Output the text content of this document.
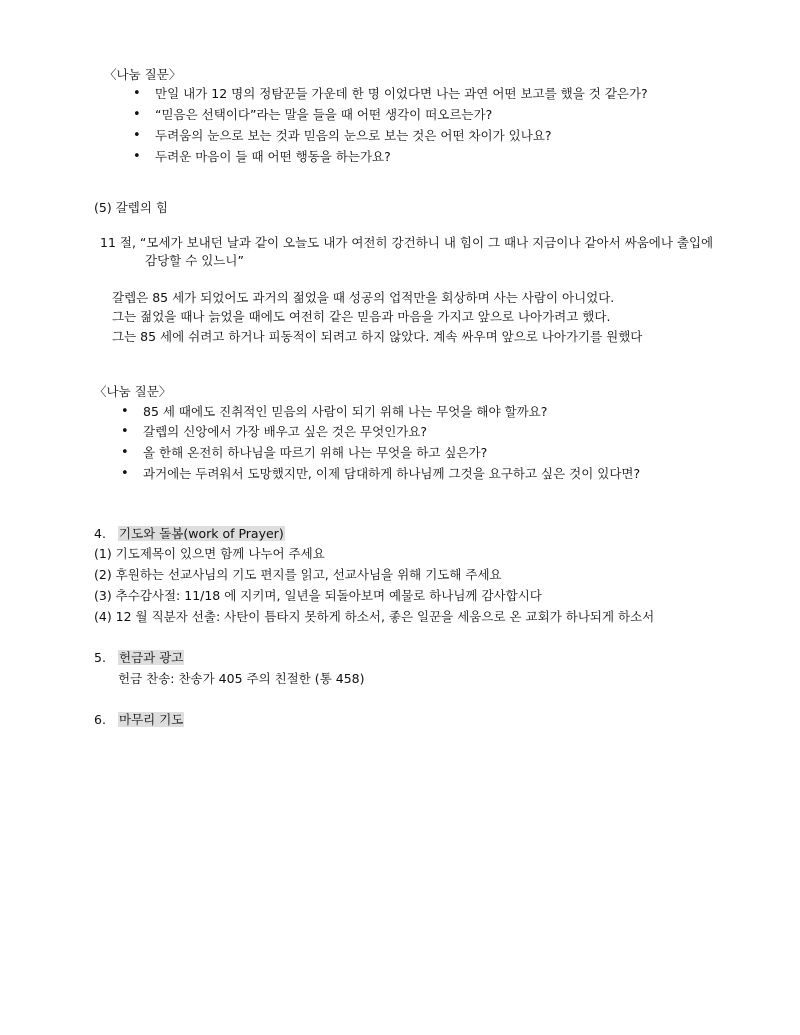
〈나눔 질문〉
• 만일 내가 12 명의 정탐꾼들 가운데 한 명 이었다면 나는 과연 어떤 보고를 했을 것 같은가?
• “믿음은 선택이다”라는 말을 들을 때 어떤 생각이 떠오르는가?
• 두려움의 눈으로 보는 것과 믿음의 눈으로 보는 것은 어떤 차이가 있나요?
• 두려운 마음이 들 때 어떤 행동을 하는가요?
(5) 갈렙의 힘
11 절, “모세가 보내던 날과 같이 오늘도 내가 여전히 강건하니 내 힘이 그 때나 지금이나 같아서 싸움에나 출입에
감당할 수 있느니”
갈렙은 85 세가 되었어도 과거의 젊었을 때 성공의 업적만을 회상하며 사는 사람이 아니었다.
그는 젊었을 때나 늙었을 때에도 여전히 같은 믿음과 마음을 가지고 앞으로 나아가려고 했다.
그는 85 세에 쉬려고 하거나 피동적이 되려고 하지 않았다. 계속 싸우며 앞으로 나아가기를 원했다
〈나눔 질문〉
• 85 세 때에도 진취적인 믿음의 사람이 되기 위해 나는 무엇을 해야 할까요?
• 갈렙의 신앙에서 가장 배우고 싶은 것은 무엇인가요?
• 올 한해 온전히 하나님을 따르기 위해 나는 무엇을 하고 싶은가?
• 과거에는 두려워서 도망했지만, 이제 담대하게 하나님께 그것을 요구하고 싶은 것이 있다면?
4. 기도와 돌봄(work of Prayer)
(1) 기도제목이 있으면 함께 나누어 주세요
(2) 후원하는 선교사님의 기도 편지를 읽고, 선교사님을 위해 기도해 주세요
(3) 추수감사절: 11/18 에 지키며, 일년을 되돌아보며 예물로 하나님께 감사합시다
(4) 12 월 직분자 선출: 사탄이 틈타지 못하게 하소서, 좋은 일꾼을 세움으로 온 교회가 하나되게 하소서
5. 헌금과 광고
헌금 찬송: 찬송가 405 주의 친절한 (통 458)
6. 마무리 기도
